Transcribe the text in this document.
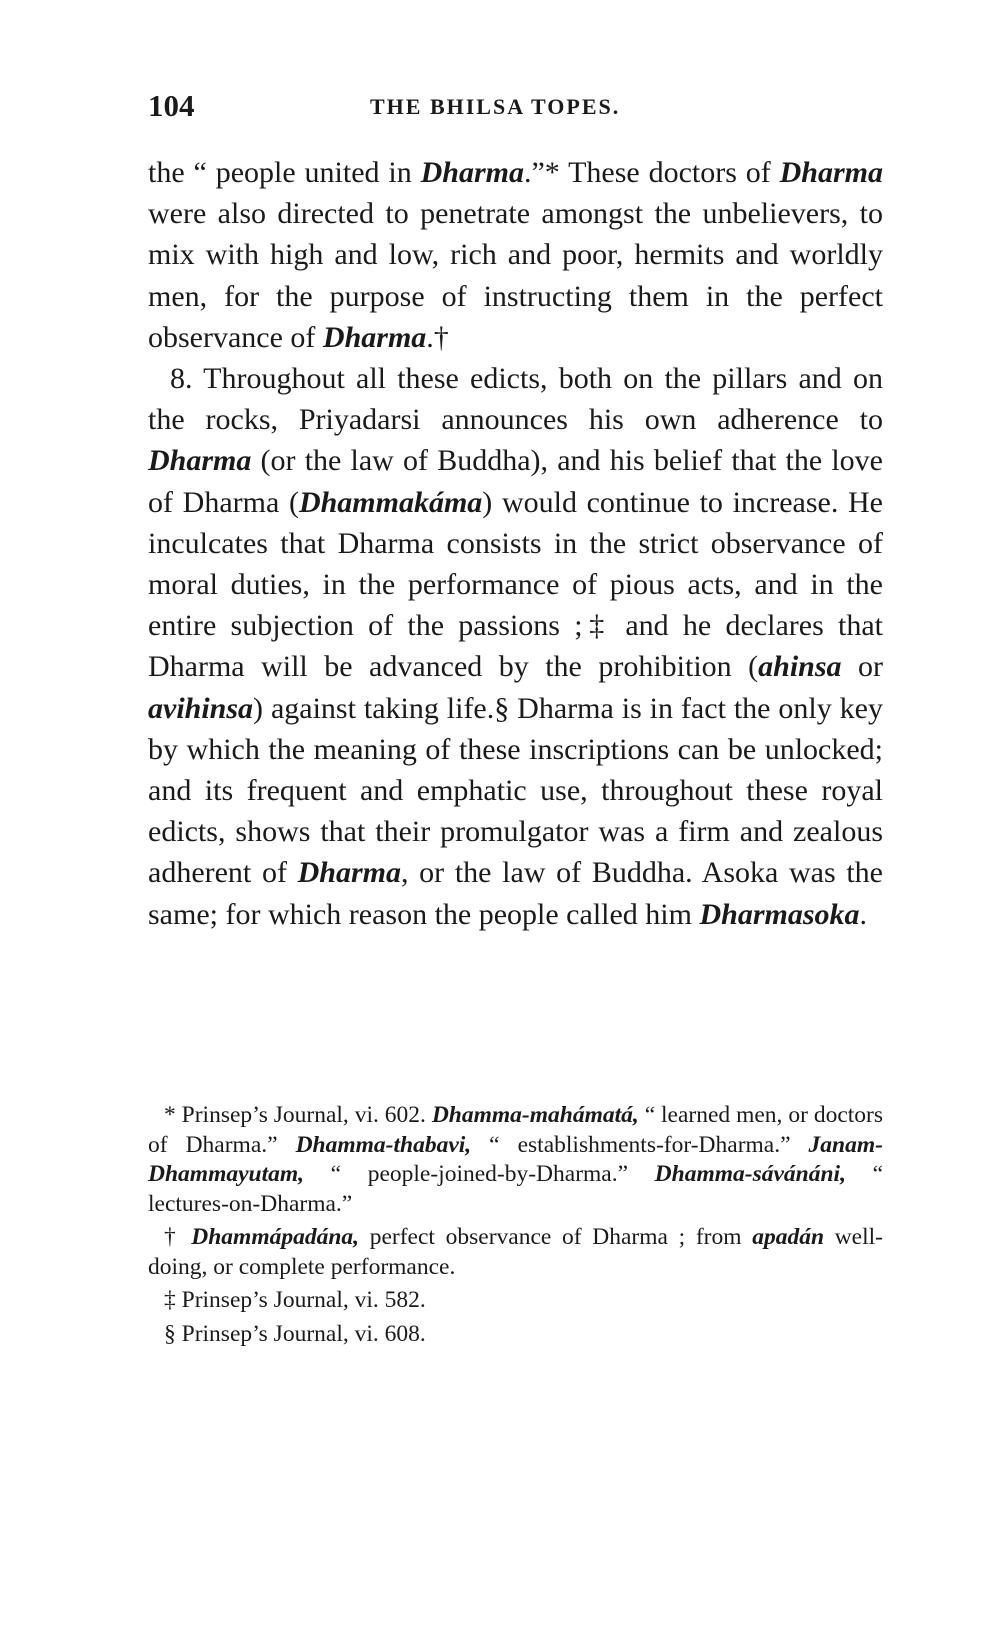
104	THE BHILSA TOPES.

the “ people united in Dharma.”* These doctors of Dharma were also directed to penetrate amongst the unbelievers, to mix with high and low, rich and poor, hermits and worldly men, for the purpose of instructing them in the perfect observance of Dharma.†

8. Throughout all these edicts, both on the pillars and on the rocks, Priyadarsi announces his own adherence to Dharma (or the law of Buddha), and his belief that the love of Dharma (Dhammakáma) would continue to increase. He inculcates that Dharma consists in the strict observance of moral duties, in the performance of pious acts, and in the entire subjection of the passions ;‡ and he declares that Dharma will be advanced by the prohibition (ahinsa or avihinsa) against taking life.§ Dharma is in fact the only key by which the meaning of these inscriptions can be unlocked; and its frequent and emphatic use, throughout these royal edicts, shows that their promulgator was a firm and zealous adherent of Dharma, or the law of Buddha. Asoka was the same; for which reason the people called him Dharmasoka.

* Prinsep’s Journal, vi. 602. Dhamma-mahámatá, “ learned men, or doctors of Dharma.” Dhamma-thabavi, “ establishments-for-Dharma.” Janam-Dhammayutam, “ people-joined-by-Dharma.” Dhamma-sávánáni, “ lectures-on-Dharma.”

† Dhammápadána, perfect observance of Dharma ; from apadán well-doing, or complete performance.

‡ Prinsep’s Journal, vi. 582.

§ Prinsep’s Journal, vi. 608.
